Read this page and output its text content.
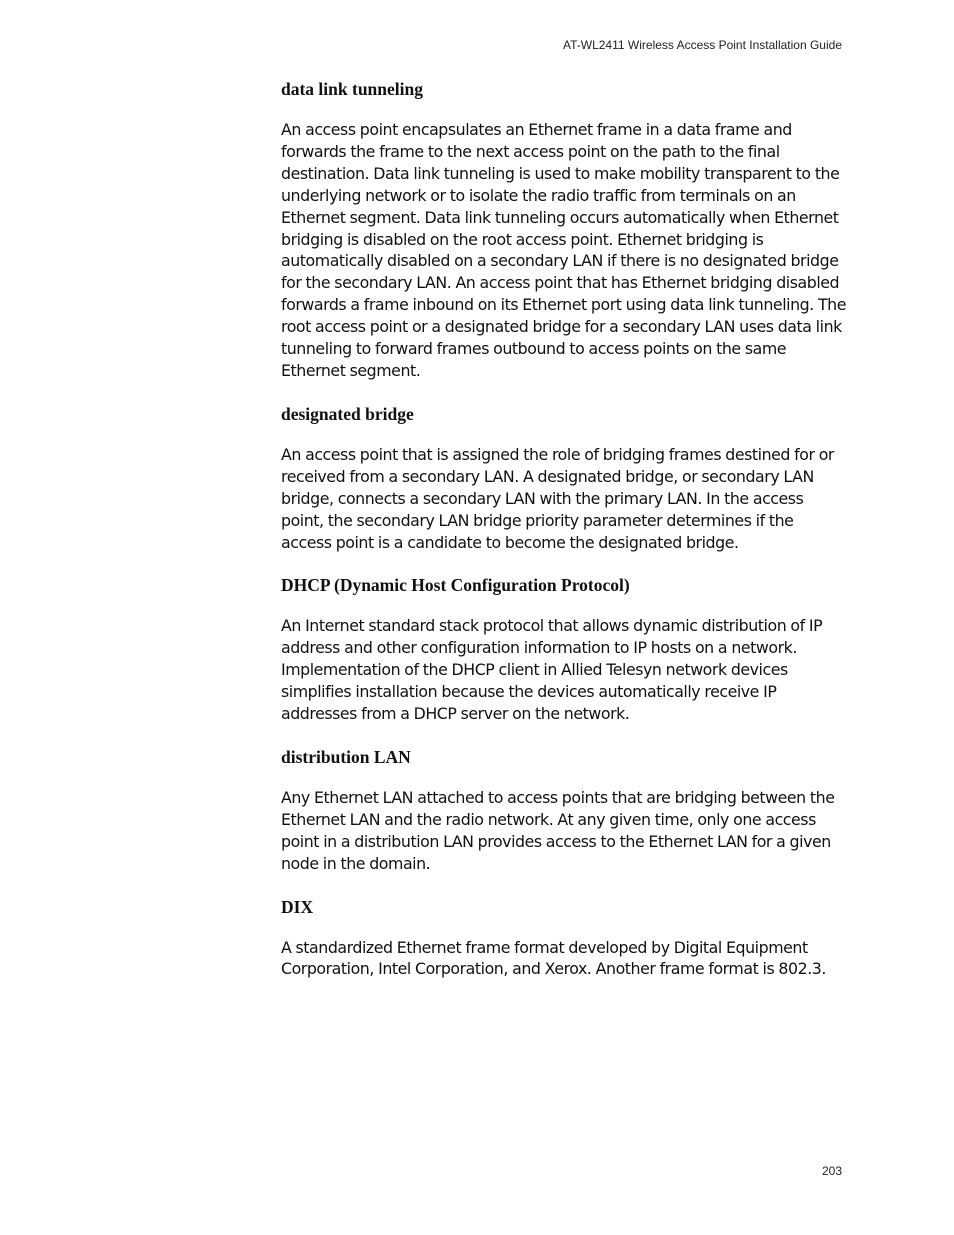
AT-WL2411 Wireless Access Point Installation Guide
data link tunneling

An access point encapsulates an Ethernet frame in a data frame and forwards the frame to the next access point on the path to the final destination. Data link tunneling is used to make mobility transparent to the underlying network or to isolate the radio traffic from terminals on an Ethernet segment. Data link tunneling occurs automatically when Ethernet bridging is disabled on the root access point. Ethernet bridging is automatically disabled on a secondary LAN if there is no designated bridge for the secondary LAN. An access point that has Ethernet bridging disabled forwards a frame inbound on its Ethernet port using data link tunneling. The root access point or a designated bridge for a secondary LAN uses data link tunneling to forward frames outbound to access points on the same Ethernet segment.

designated bridge

An access point that is assigned the role of bridging frames destined for or received from a secondary LAN. A designated bridge, or secondary LAN bridge, connects a secondary LAN with the primary LAN. In the access point, the secondary LAN bridge priority parameter determines if the access point is a candidate to become the designated bridge.

DHCP (Dynamic Host Configuration Protocol)

An Internet standard stack protocol that allows dynamic distribution of IP address and other configuration information to IP hosts on a network. Implementation of the DHCP client in Allied Telesyn network devices simplifies installation because the devices automatically receive IP addresses from a DHCP server on the network.

distribution LAN

Any Ethernet LAN attached to access points that are bridging between the Ethernet LAN and the radio network. At any given time, only one access point in a distribution LAN provides access to the Ethernet LAN for a given node in the domain.

DIX

A standardized Ethernet frame format developed by Digital Equipment Corporation, Intel Corporation, and Xerox. Another frame format is 802.3.

203
